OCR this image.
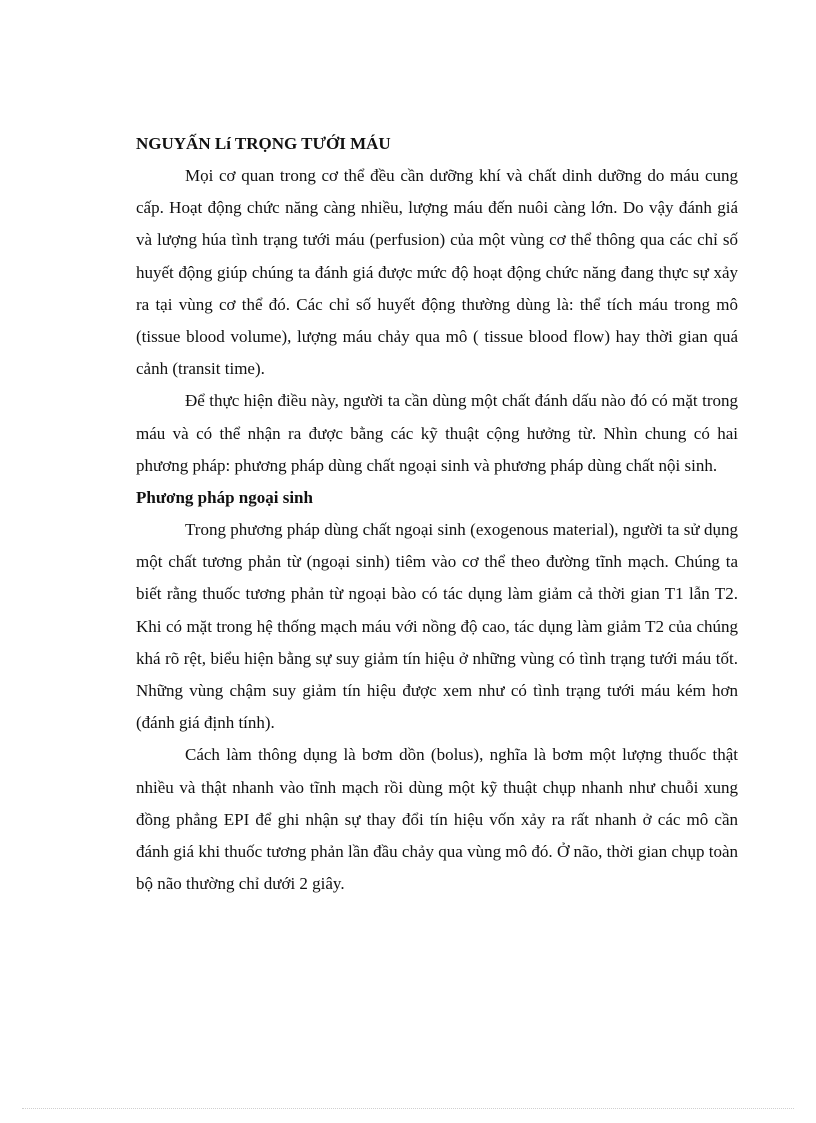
NGUYẤN Lí TRỌNG TƯỚI MÁU

Mọi cơ quan trong cơ thể đều cần dưỡng khí và chất dinh dưỡng do máu cung cấp. Hoạt động chức năng càng nhiều, lượng máu đến nuôi càng lớn. Do vậy đánh giá và lượng húa tình trạng tưới máu (perfusion) của một vùng cơ thể thông qua các chỉ số huyết động giúp chúng ta đánh giá được mức độ hoạt động chức năng đang thực sự xảy ra tại vùng cơ thể đó. Các chỉ số huyết động thường dùng là: thể tích máu trong mô (tissue blood volume), lượng máu chảy qua mô ( tissue blood flow) hay thời gian quá cảnh (transit time).

Để thực hiện điều này, người ta cần dùng một chất đánh dấu nào đó có mặt trong máu và có thể nhận ra được bằng các kỹ thuật cộng hưởng từ. Nhìn chung có hai phương pháp: phương pháp dùng chất ngoại sinh và phương pháp dùng chất nội sinh.

Phương pháp ngoại sinh

Trong phương pháp dùng chất ngoại sinh (exogenous material), người ta sử dụng một chất tương phản từ (ngoại sinh) tiêm vào cơ thể theo đường tĩnh mạch. Chúng ta biết rằng thuốc tương phản từ ngoại bào có tác dụng làm giảm cả thời gian T1 lẫn T2. Khi có mặt trong hệ thống mạch máu với nồng độ cao, tác dụng làm giảm T2 của chúng khá rõ rệt, biểu hiện bằng sự suy giảm tín hiệu ở những vùng có tình trạng tưới máu tốt. Những vùng chậm suy giảm tín hiệu được xem như có tình trạng tưới máu kém hơn (đánh giá định tính).

Cách làm thông dụng là bơm dồn (bolus), nghĩa là bơm một lượng thuốc thật nhiều và thật nhanh vào tĩnh mạch rồi dùng một kỹ thuật chụp nhanh như chuỗi xung đồng phẳng EPI để ghi nhận sự thay đổi tín hiệu vốn xảy ra rất nhanh ở các mô cần đánh giá khi thuốc tương phản lần đầu chảy qua vùng mô đó. Ở não, thời gian chụp toàn bộ não thường chỉ dưới 2 giây.
